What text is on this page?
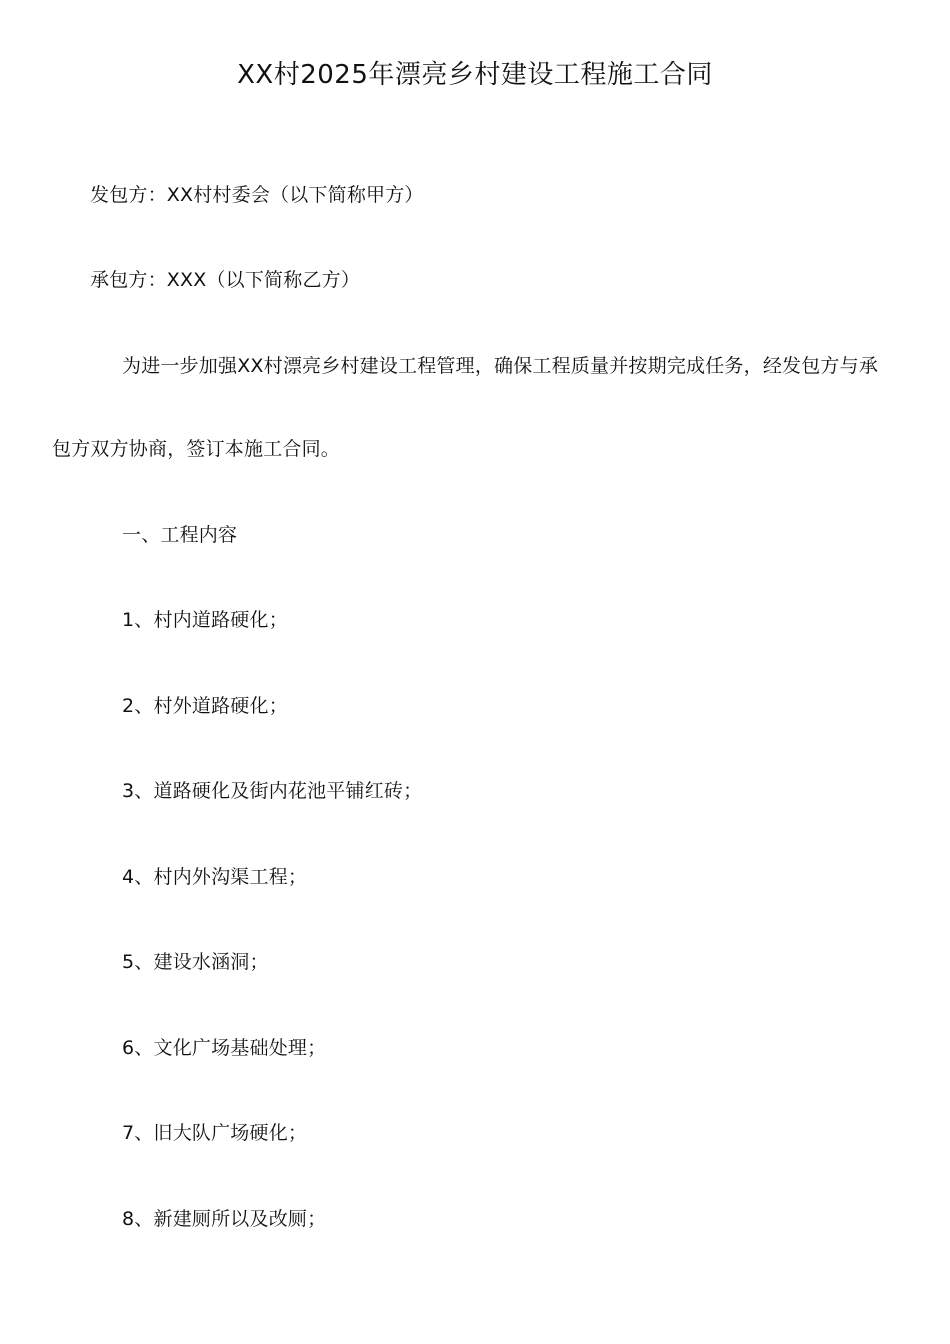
XX村2025年漂亮乡村建设工程施工合同
发包方：XX村村委会（以下简称甲方）
承包方：XXX（以下简称乙方）
为进一步加强XX村漂亮乡村建设工程管理，确保工程质量并按期完成任务，经发包方与承
包方双方协商，签订本施工合同。
一、工程内容
1、村内道路硬化；
2、村外道路硬化；
3、道路硬化及街内花池平铺红砖；
4、村内外沟渠工程；
5、建设水涵洞；
6、文化广场基础处理；
7、旧大队广场硬化；
8、新建厕所以及改厕；
